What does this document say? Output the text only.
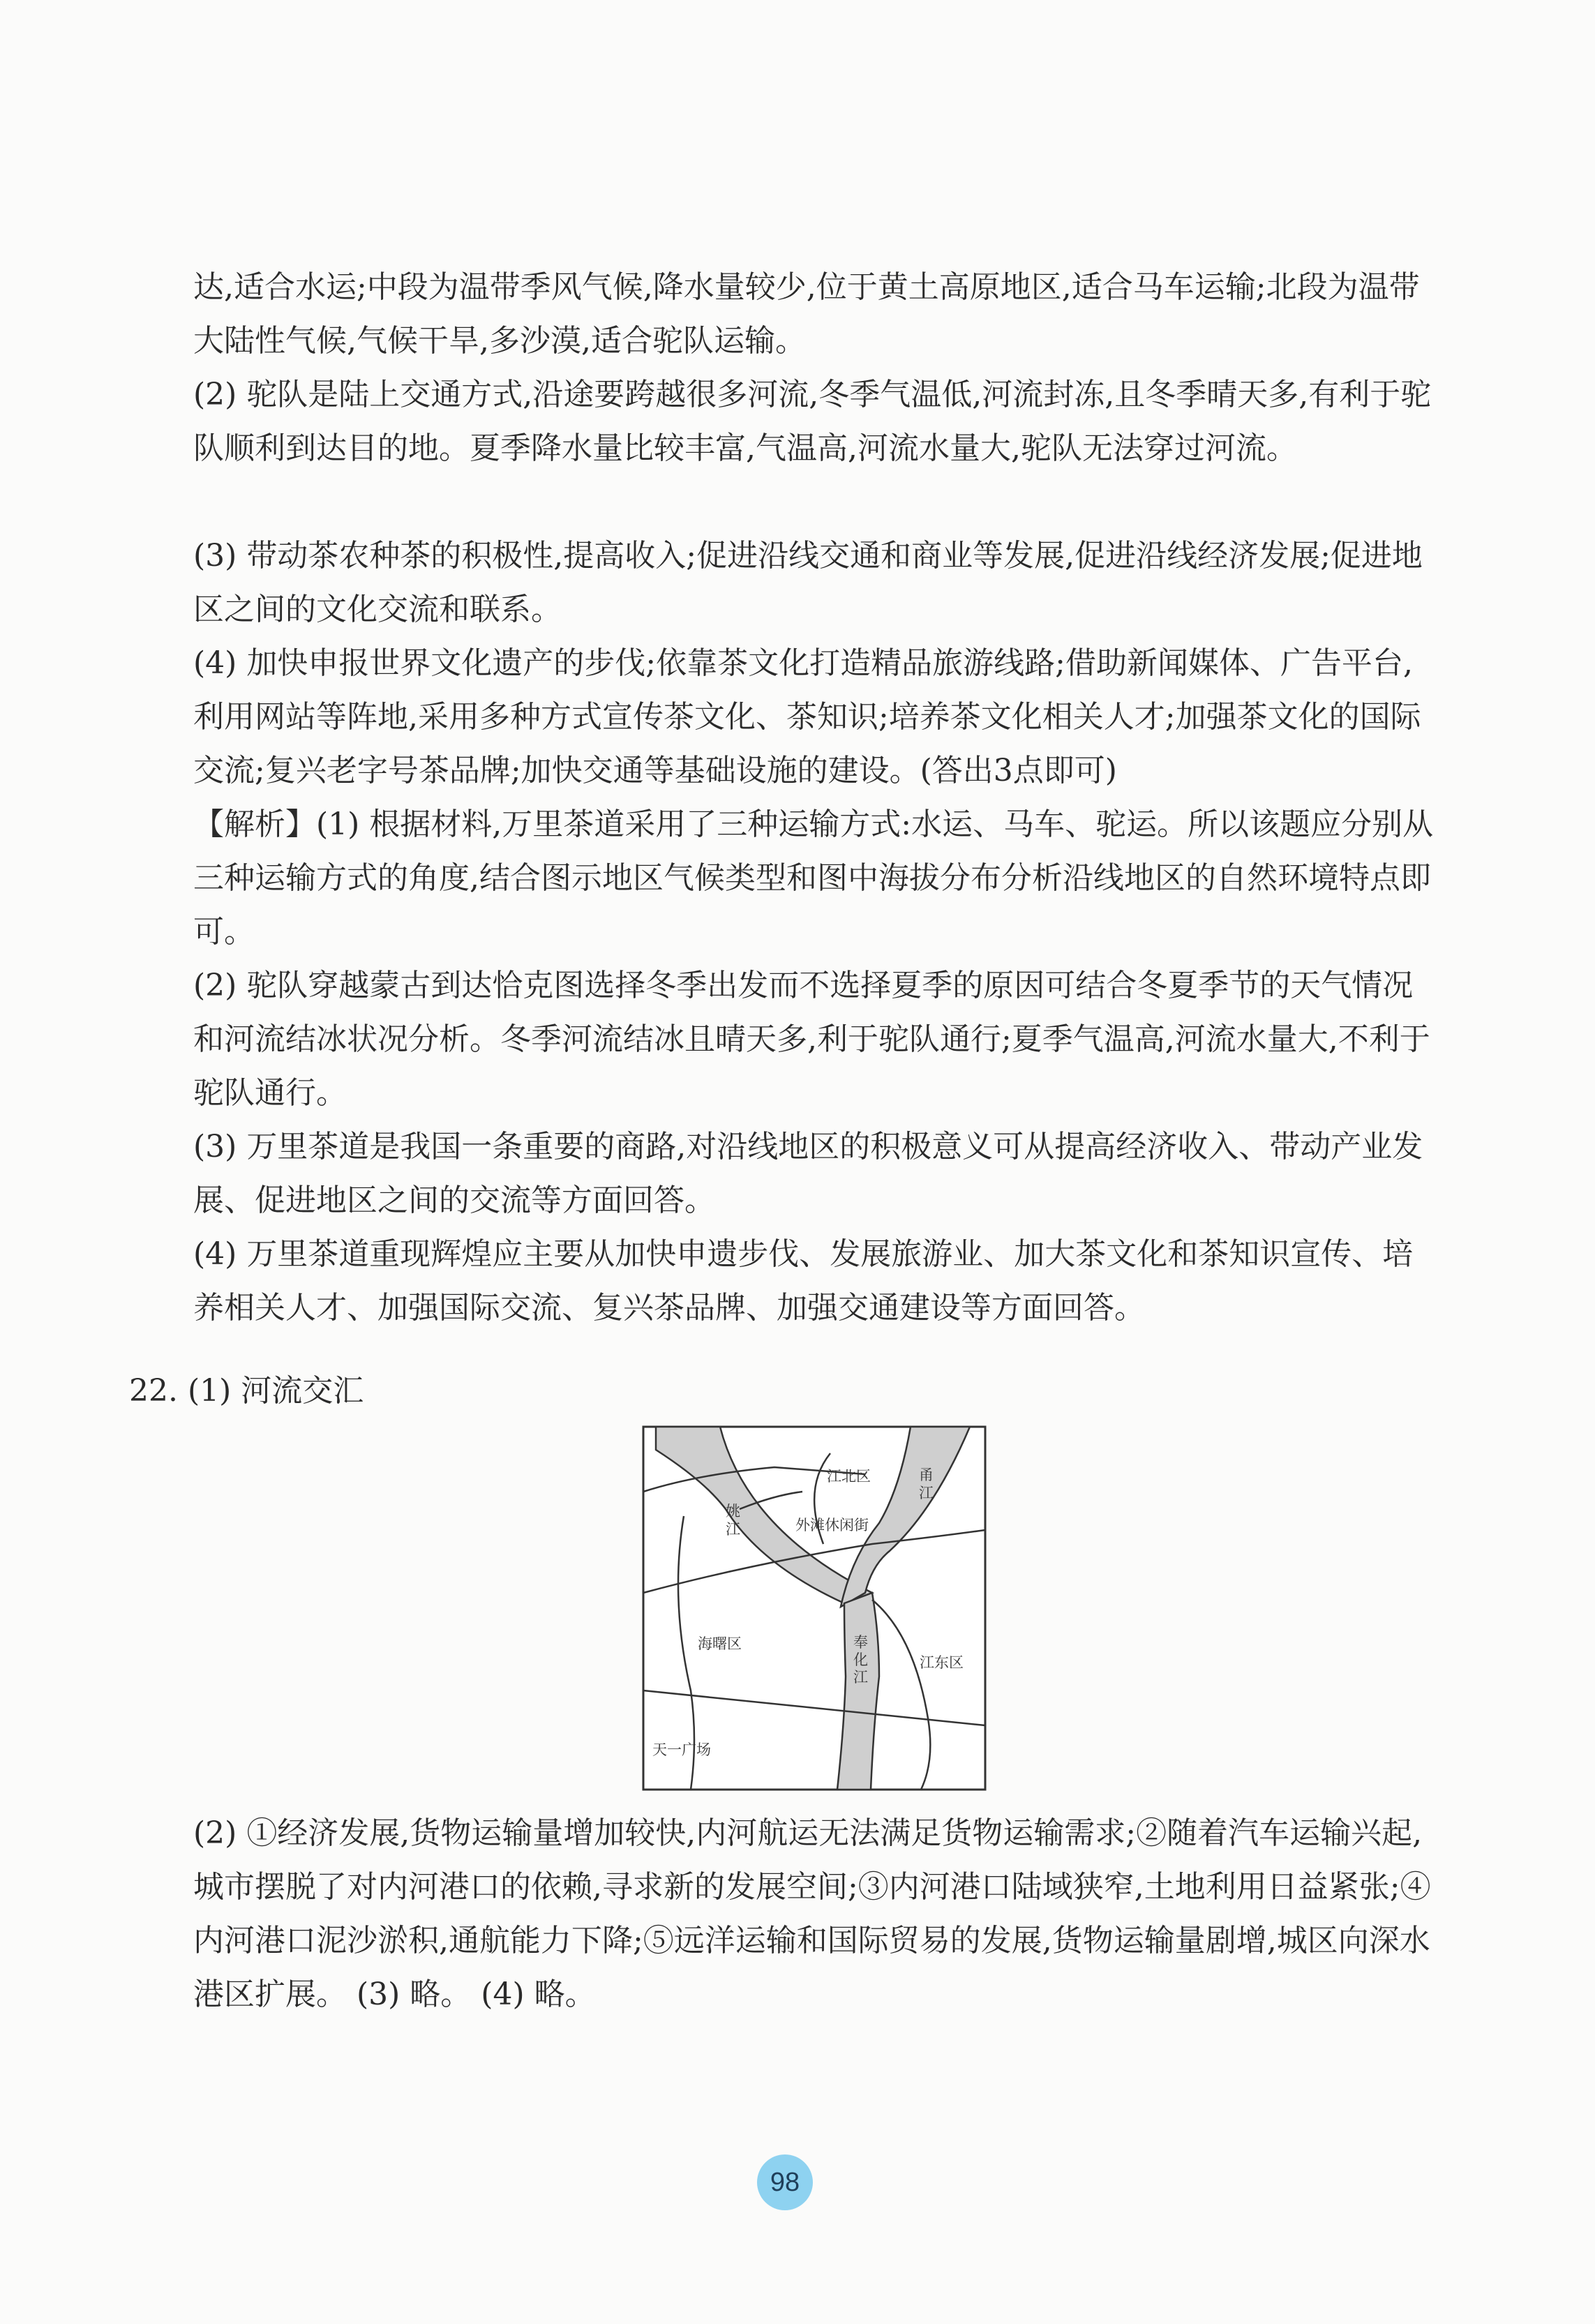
达,适合水运;中段为温带季风气候,降水量较少,位于黄土高原地区,适合马车运输;北段为温带大陆性气候,气候干旱,多沙漠,适合驼队运输。

(2) 驼队是陆上交通方式,沿途要跨越很多河流,冬季气温低,河流封冻,且冬季晴天多,有利于驼队顺利到达目的地。夏季降水量比较丰富,气温高,河流水量大,驼队无法穿过河流。

(3) 带动茶农种茶的积极性,提高收入;促进沿线交通和商业等发展,促进沿线经济发展;促进地区之间的文化交流和联系。

(4) 加快申报世界文化遗产的步伐;依靠茶文化打造精品旅游线路;借助新闻媒体、广告平台,利用网站等阵地,采用多种方式宣传茶文化、茶知识;培养茶文化相关人才;加强茶文化的国际交流;复兴老字号茶品牌;加快交通等基础设施的建设。(答出3点即可)

【解析】(1) 根据材料,万里茶道采用了三种运输方式:水运、马车、驼运。所以该题应分别从三种运输方式的角度,结合图示地区气候类型和图中海拔分布分析沿线地区的自然环境特点即可。

(2) 驼队穿越蒙古到达恰克图选择冬季出发而不选择夏季的原因可结合冬夏季节的天气情况和河流结冰状况分析。冬季河流结冰且晴天多,利于驼队通行;夏季气温高,河流水量大,不利于驼队通行。

(3) 万里茶道是我国一条重要的商路,对沿线地区的积极意义可从提高经济收入、带动产业发展、促进地区之间的交流等方面回答。

(4) 万里茶道重现辉煌应主要从加快申遗步伐、发展旅游业、加大茶文化和茶知识宣传、培养相关人才、加强国际交流、复兴茶品牌、加强交通建设等方面回答。

22. (1) 河流交汇

江北区	甬
江
姚
江	外滩休闲街
海曙区	奉
化
江
江东区
天一广场

(2) ①经济发展,货物运输量增加较快,内河航运无法满足货物运输需求;②随着汽车运输兴起,城市摆脱了对内河港口的依赖,寻求新的发展空间;③内河港口陆域狭窄,土地利用日益紧张;④内河港口泥沙淤积,通航能力下降;⑤远洋运输和国际贸易的发展,货物运输量剧增,城区向深水港区扩展。 (3) 略。 (4) 略。

98
